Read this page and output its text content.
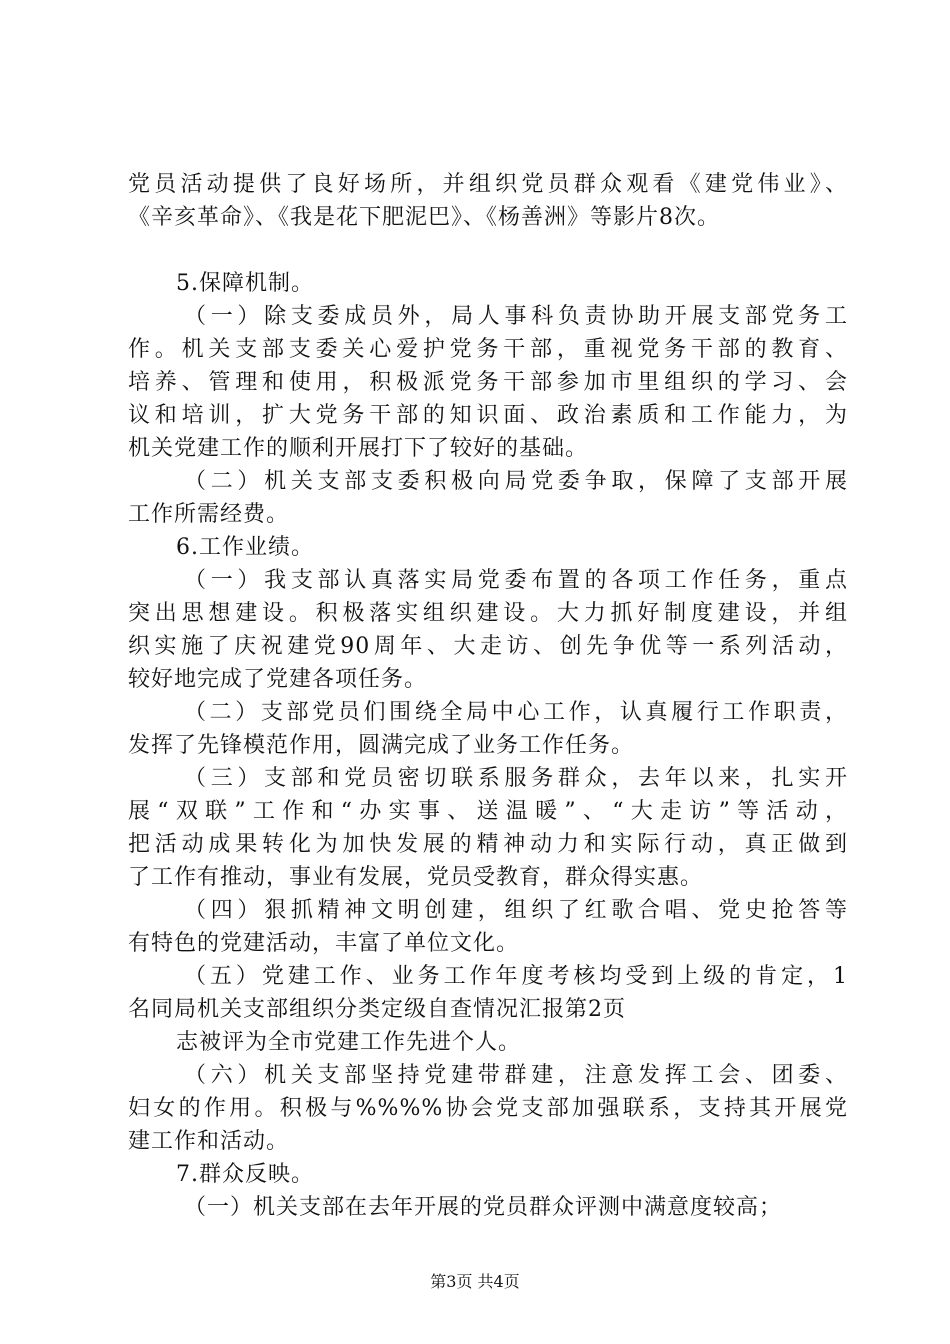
党员活动提供了良好场所，并组织党员群众观看《建党伟业》、
《辛亥革命》、《我是花下肥泥巴》、《杨善洲》等影片8次。
5.保障机制。
（一）除支委成员外，局人事科负责协助开展支部党务工
作。机关支部支委关心爱护党务干部，重视党务干部的教育、
培养、管理和使用，积极派党务干部参加市里组织的学习、会
议和培训，扩大党务干部的知识面、政治素质和工作能力，为
机关党建工作的顺利开展打下了较好的基础。
（二）机关支部支委积极向局党委争取，保障了支部开展
工作所需经费。
6.工作业绩。
（一）我支部认真落实局党委布置的各项工作任务，重点
突出思想建设。积极落实组织建设。大力抓好制度建设，并组
织实施了庆祝建党90周年、大走访、创先争优等一系列活动，
较好地完成了党建各项任务。
（二）支部党员们围绕全局中心工作，认真履行工作职责，
发挥了先锋模范作用，圆满完成了业务工作任务。
（三）支部和党员密切联系服务群众，去年以来，扎实开
展“双联”工作和“办实事、送温暖”、“大走访”等活动，
把活动成果转化为加快发展的精神动力和实际行动，真正做到
了工作有推动，事业有发展，党员受教育，群众得实惠。
（四）狠抓精神文明创建，组织了红歌合唱、党史抢答等
有特色的党建活动，丰富了单位文化。
（五）党建工作、业务工作年度考核均受到上级的肯定，1
名同局机关支部组织分类定级自查情况汇报第2页
志被评为全市党建工作先进个人。
（六）机关支部坚持党建带群建，注意发挥工会、团委、
妇女的作用。积极与%%%%协会党支部加强联系，支持其开展党
建工作和活动。
7.群众反映。
（一）机关支部在去年开展的党员群众评测中满意度较高；
第3页 共4页
